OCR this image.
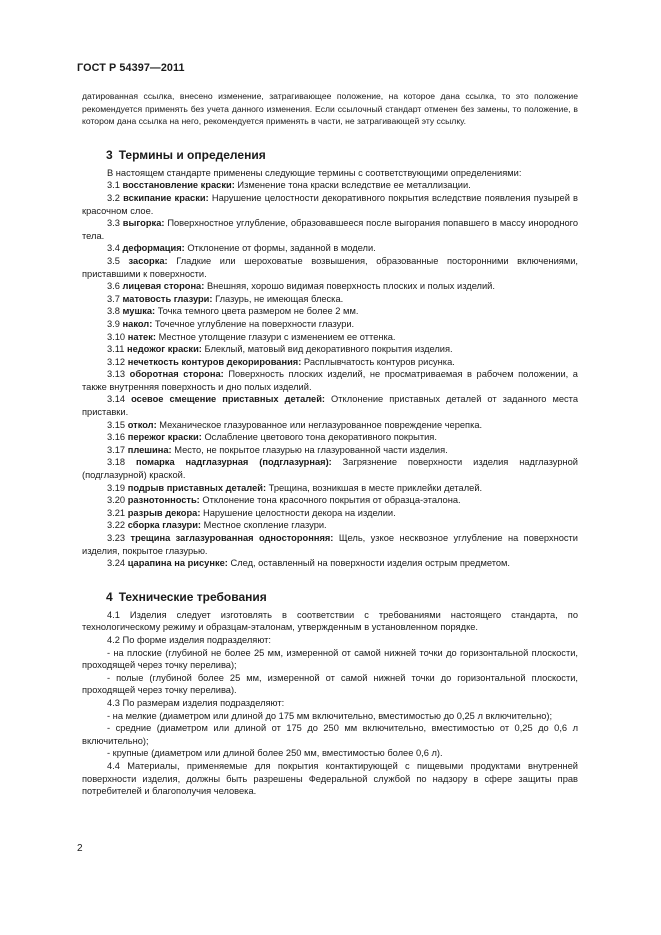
ГОСТ Р 54397—2011

датированная ссылка, внесено изменение, затрагивающее положение, на которое дана ссылка, то это положение рекомендуется применять без учета данного изменения. Если ссылочный стандарт отменен без замены, то положение, в котором дана ссылка на него, рекомендуется применять в части, не затрагивающей эту ссылку.

3 Термины и определения

В настоящем стандарте применены следующие термины с соответствующими определениями:

3.1 восстановление краски: Изменение тона краски вследствие ее металлизации.

3.2 вскипание краски: Нарушение целостности декоративного покрытия вследствие появления пузырей в красочном слое.

3.3 выгорка: Поверхностное углубление, образовавшееся после выгорания попавшего в массу инородного тела.

3.4 деформация: Отклонение от формы, заданной в модели.

3.5 засорка: Гладкие или шероховатые возвышения, образованные посторонними включениями, приставшими к поверхности.

3.6 лицевая сторона: Внешняя, хорошо видимая поверхность плоских и полых изделий.

3.7 матовость глазури: Глазурь, не имеющая блеска.

3.8 мушка: Точка темного цвета размером не более 2 мм.

3.9 накол: Точечное углубление на поверхности глазури.

3.10 натек: Местное утолщение глазури с изменением ее оттенка.

3.11 недожог краски: Блеклый, матовый вид декоративного покрытия изделия.

3.12 нечеткость контуров декорирования: Расплывчатость контуров рисунка.

3.13 оборотная сторона: Поверхность плоских изделий, не просматриваемая в рабочем положении, а также внутренняя поверхность и дно полых изделий.

3.14 осевое смещение приставных деталей: Отклонение приставных деталей от заданного места приставки.

3.15 откол: Механическое глазурованное или неглазурованное повреждение черепка.

3.16 пережог краски: Ослабление цветового тона декоративного покрытия.

3.17 плешина: Место, не покрытое глазурью на глазурованной части изделия.

3.18 помарка надглазурная (подглазурная): Загрязнение поверхности изделия надглазурной (подглазурной) краской.

3.19 подрыв приставных деталей: Трещина, возникшая в месте приклейки деталей.

3.20 разнотонность: Отклонение тона красочного покрытия от образца-эталона.

3.21 разрыв декора: Нарушение целостности декора на изделии.

3.22 сборка глазури: Местное скопление глазури.

3.23 трещина заглазурованная односторонняя: Щель, узкое несквозное углубление на поверхности изделия, покрытое глазурью.

3.24 царапина на рисунке: След, оставленный на поверхности изделия острым предметом.

4 Технические требования

4.1 Изделия следует изготовлять в соответствии с требованиями настоящего стандарта, по технологическому режиму и образцам-эталонам, утвержденным в установленном порядке.

4.2 По форме изделия подразделяют:

- на плоские (глубиной не более 25 мм, измеренной от самой нижней точки до горизонтальной плоскости, проходящей через точку перелива);

- полые (глубиной более 25 мм, измеренной от самой нижней точки до горизонтальной плоскости, проходящей через точку перелива).

4.3 По размерам изделия подразделяют:

- на мелкие (диаметром или длиной до 175 мм включительно, вместимостью до 0,25 л включительно);

- средние (диаметром или длиной от 175 до 250 мм включительно, вместимостью от 0,25 до 0,6 л включительно);

- крупные (диаметром или длиной более 250 мм, вместимостью более 0,6 л).

4.4 Материалы, применяемые для покрытия контактирующей с пищевыми продуктами внутренней поверхности изделия, должны быть разрешены Федеральной службой по надзору в сфере защиты прав потребителей и благополучия человека.

2
